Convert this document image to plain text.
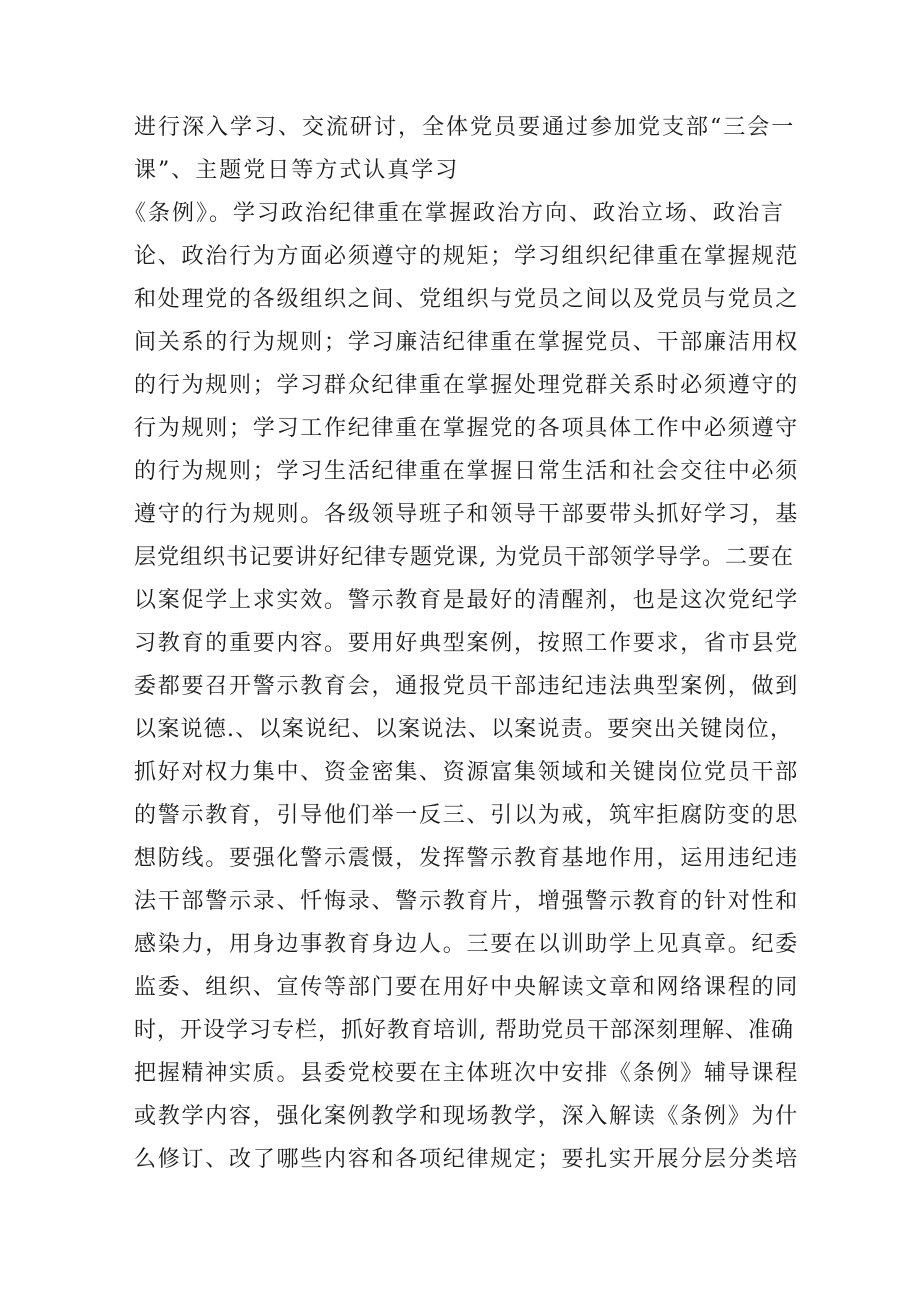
进行深入学习、交流研讨，全体党员要通过参加党支部“三会一
课”、主题党日等方式认真学习
《条例》。学习政治纪律重在掌握政治方向、政治立场、政治言
论、政治行为方面必须遵守的规矩；学习组织纪律重在掌握规范
和处理党的各级组织之间、党组织与党员之间以及党员与党员之
间关系的行为规则；学习廉洁纪律重在掌握党员、干部廉洁用权
的行为规则；学习群众纪律重在掌握处理党群关系时必须遵守的
行为规则；学习工作纪律重在掌握党的各项具体工作中必须遵守
的行为规则；学习生活纪律重在掌握日常生活和社会交往中必须
遵守的行为规则。各级领导班子和领导干部要带头抓好学习，基
层党组织书记要讲好纪律专题党课, 为党员干部领学导学。二要在
以案促学上求实效。警示教育是最好的清醒剂，也是这次党纪学
习教育的重要内容。要用好典型案例，按照工作要求，省市县党
委都要召开警示教育会，通报党员干部违纪违法典型案例，做到
以案说德.、以案说纪、以案说法、以案说责。要突出关键岗位，
抓好对权力集中、资金密集、资源富集领域和关键岗位党员干部
的警示教育，引导他们举一反三、引以为戒，筑牢拒腐防变的思
想防线。要强化警示震慑，发挥警示教育基地作用，运用违纪违
法干部警示录、忏悔录、警示教育片，增强警示教育的针对性和
感染力，用身边事教育身边人。三要在以训助学上见真章。纪委
监委、组织、宣传等部门要在用好中央解读文章和网络课程的同
时，开设学习专栏，抓好教育培训, 帮助党员干部深刻理解、准确
把握精神实质。县委党校要在主体班次中安排《条例》辅导课程
或教学内容，强化案例教学和现场教学，深入解读《条例》为什
么修订、改了哪些内容和各项纪律规定；要扎实开展分层分类培
